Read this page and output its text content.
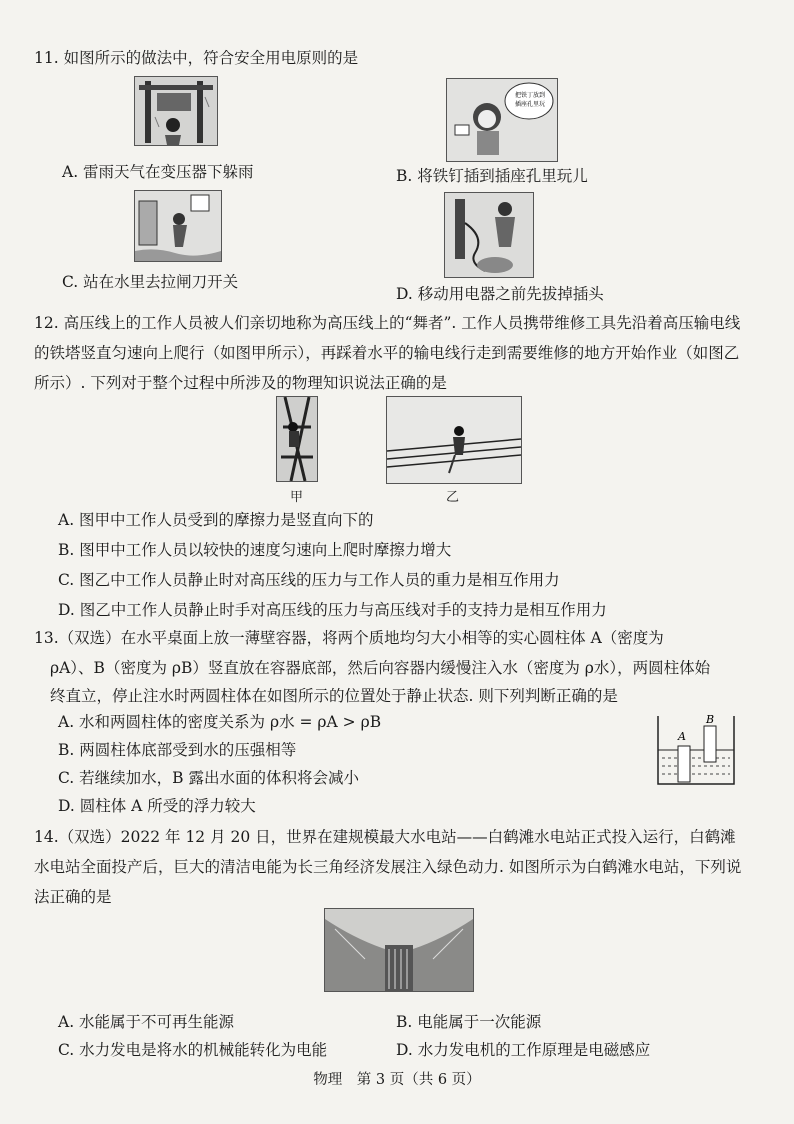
11. 如图所示的做法中，符合安全用电原则的是
A. 雷雨天气在变压器下躲雨
把铁丁放到
插座孔里玩
B. 将铁钉插到插座孔里玩儿
C. 站在水里去拉闸刀开关
D. 移动用电器之前先拔掉插头
12. 高压线上的工作人员被人们亲切地称为高压线上的“舞者”. 工作人员携带维修工具先沿着高压输电线的铁塔竖直匀速向上爬行（如图甲所示），再踩着水平的输电线行走到需要维修的地方开始作业（如图乙所示）. 下列对于整个过程中所涉及的物理知识说法正确的是
甲	乙
A. 图甲中工作人员受到的摩擦力是竖直向下的
B. 图甲中工作人员以较快的速度匀速向上爬时摩擦力增大
C. 图乙中工作人员静止时对高压线的压力与工作人员的重力是相互作用力
D. 图乙中工作人员静止时手对高压线的压力与高压线对手的支持力是相互作用力
13.（双选）在水平桌面上放一薄壁容器，将两个质地均匀大小相等的实心圆柱体 A（密度为
ρA）、B（密度为 ρB）竖直放在容器底部，然后向容器内缓慢注入水（密度为 ρ水），两圆柱体始
终直立，停止注水时两圆柱体在如图所示的位置处于静止状态. 则下列判断正确的是
A. 水和两圆柱体的密度关系为 ρ水 = ρA > ρB
B. 两圆柱体底部受到水的压强相等
C. 若继续加水，B 露出水面的体积将会减小
D. 圆柱体 A 所受的浮力较大
A
B
14.（双选）2022 年 12 月 20 日，世界在建规模最大水电站——白鹤滩水电站正式投入运行，白鹤滩水电站全面投产后，巨大的清洁电能为长三角经济发展注入绿色动力. 如图所示为白鹤滩水电站，下列说法正确的是
A. 水能属于不可再生能源	B. 电能属于一次能源
C. 水力发电是将水的机械能转化为电能	D. 水力发电机的工作原理是电磁感应
物理　第 3 页（共 6 页）
